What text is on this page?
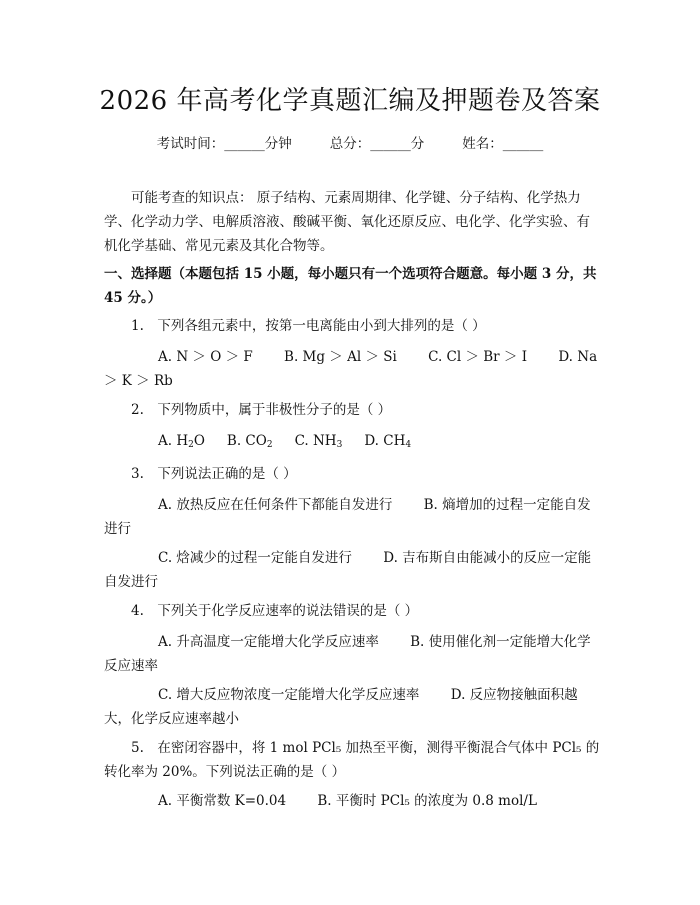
2026 年高考化学真题汇编及押题卷及答案
考试时间：______分钟	总分：______分	姓名：______
可能考查的知识点： 原子结构、元素周期律、化学键、分子结构、化学热力学、化学动力学、电解质溶液、酸碱平衡、氧化还原反应、电化学、化学实验、有机化学基础、常见元素及其化合物等。
一、选择题（本题包括 15 小题，每小题只有一个选项符合题意。每小题 3 分，共 45 分。）
1.　下列各组元素中，按第一电离能由小到大排列的是（ ）
A. N ＞ O ＞ F　　 B. Mg ＞ Al ＞ Si　　 C. Cl ＞ Br ＞ I　　 D. Na ＞ K ＞ Rb
2.　下列物质中，属于非极性分子的是（ ）
A. $H_2O$ B. $CO_2$ C. $NH_3$ D. $CH_4$
3.　下列说法正确的是（ ）
A. 放热反应在任何条件下都能自发进行　　 B. 熵增加的过程一定能自发进行
C. 焓减少的过程一定能自发进行　　 D. 吉布斯自由能减小的反应一定能自发进行
4.　下列关于化学反应速率的说法错误的是（ ）
A. 升高温度一定能增大化学反应速率　　 B. 使用催化剂一定能增大化学反应速率
C. 增大反应物浓度一定能增大化学反应速率　　 D. 反应物接触面积越大，化学反应速率越小
5.　在密闭容器中，将 1 mol PCl₅ 加热至平衡，测得平衡混合气体中 PCl₅ 的转化率为 20%。下列说法正确的是（ ）
A. 平衡常数 K=0.04　　 B. 平衡时 PCl₅ 的浓度为 0.8 mol/L
